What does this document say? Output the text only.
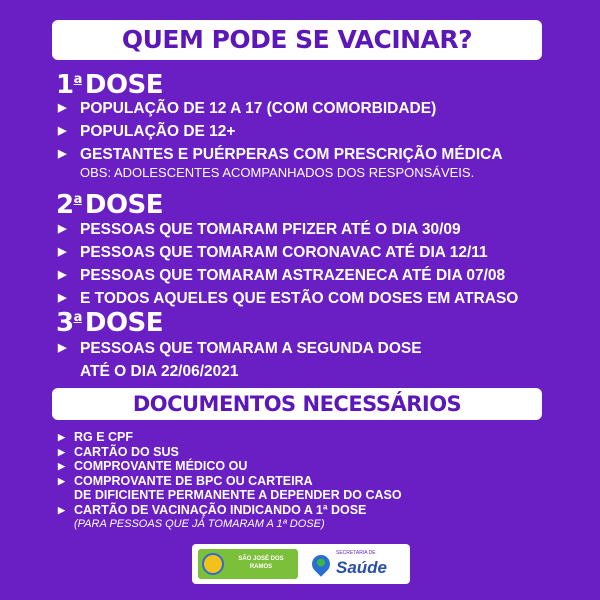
QUEM PODE SE VACINAR?
1$^a$ DOSE
▶ POPULAÇÃO DE 12 A 17 (COM COMORBIDADE)
▶ POPULAÇÃO DE 12+
▶ GESTANTES E PUÉRPERAS COM PRESCRIÇÃO MÉDICA
OBS: ADOLESCENTES ACOMPANHADOS DOS RESPONSÁVEIS.
2$^a$ DOSE
▶ PESSOAS QUE TOMARAM PFIZER ATÉ O DIA 30/09
▶ PESSOAS QUE TOMARAM CORONAVAC ATÉ DIA 12/11
▶ PESSOAS QUE TOMARAM ASTRAZENECA ATÉ DIA 07/08
▶ E TODOS AQUELES QUE ESTÃO COM DOSES EM ATRASO
3$^a$ DOSE
▶ PESSOAS QUE TOMARAM A SEGUNDA DOSE
ATÉ O DIA 22/06/2021
DOCUMENTOS NECESSÁRIOS
▶ RG E CPF
▶ CARTÃO DO SUS
▶ COMPROVANTE MÉDICO OU
▶ COMPROVANTE DE BPC OU CARTEIRA
DE DIFICIENTE PERMANENTE A DEPENDER DO CASO
▶ CARTÃO DE VACINAÇÃO INDICANDO A 1ª DOSE
(PARA PESSOAS QUE JÁ TOMARAM A 1ª DOSE)
SÃO JOSÉ DOS RAMOS
SECRETARIA DE
Saúde
